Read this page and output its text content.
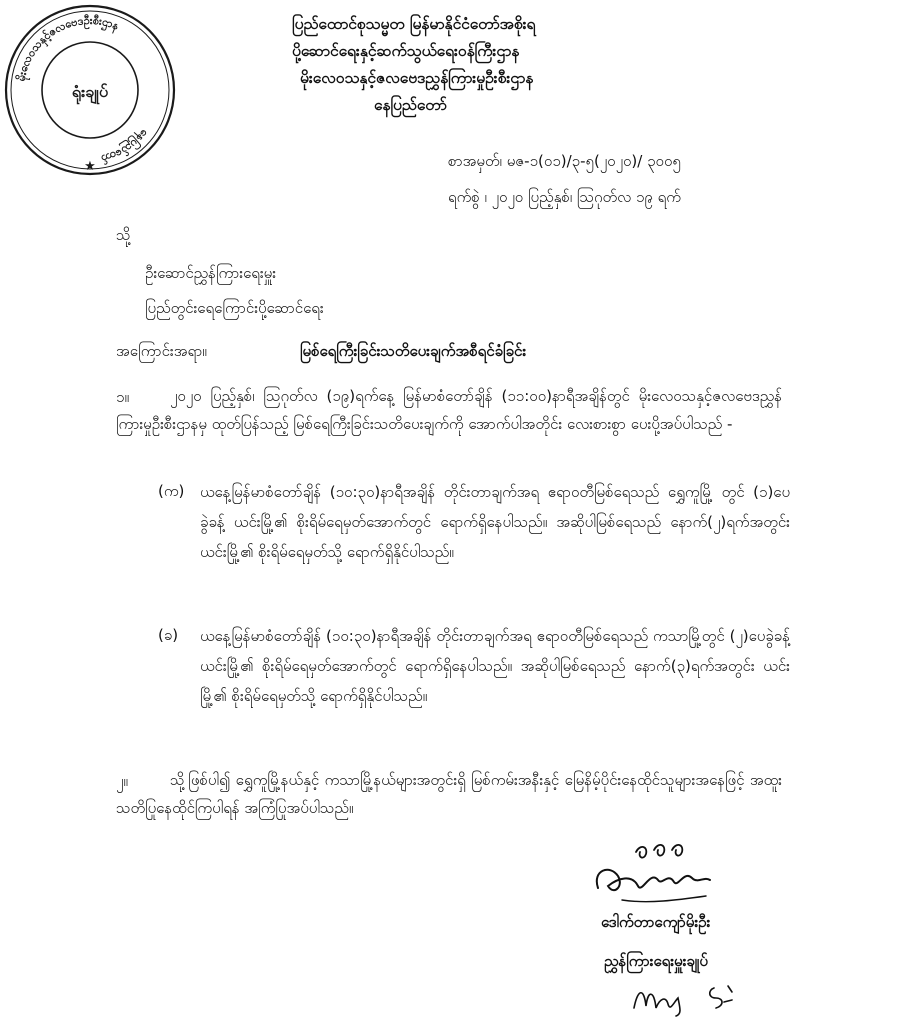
မိုးလေဝသနှင့်ဇလဗေဒဦးစီးဌာန
နေပြည်တော်
ရုံးချုပ်
★
ပြည်ထောင်စုသမ္မတ မြန်မာနိုင်ငံတော်အစိုးရ
ပို့ဆောင်ရေးနှင့်ဆက်သွယ်ရေးဝန်ကြီးဌာန
မိုးလေဝသနှင့်ဇလဗေဒညွှန်ကြားမှုဦးစီးဌာန
နေပြည်တော်
စာအမှတ်၊ မဇ-၁(၀၁)/၃-၅(၂၀၂၀)/ ၃၀၀၅
ရက်စွဲ ၊ ၂၀၂၀ ပြည့်နှစ်၊ ဩဂုတ်လ ၁၉ ရက်
သို့
ဦးဆောင်ညွှန်ကြားရေးမှူး
ပြည်တွင်းရေကြောင်းပို့ဆောင်ရေး
အကြောင်းအရာ။	မြစ်ရေကြီးခြင်းသတိပေးချက်အစီရင်ခံခြင်း
၁။	၂၀၂၀ ပြည့်နှစ်၊ ဩဂုတ်လ (၁၉)ရက်နေ့ မြန်မာစံတော်ချိန် (၁၁:၀၀)နာရီအချိန်တွင် မိုးလေဝသနှင့်ဇလဗေဒညွှန်ကြားမှုဦးစီးဌာနမှ ထုတ်ပြန်သည့် မြစ်ရေကြီးခြင်းသတိပေးချက်ကို အောက်ပါအတိုင်း လေးစားစွာ ပေးပို့အပ်ပါသည် -
(က) ယနေ့မြန်မာစံတော်ချိန် (၁၀:၃၀)နာရီအချိန် တိုင်းတာချက်အရ ဧရာဝတီမြစ်ရေသည် ရွှေကူမြို့ တွင် (၁)ပေခွဲခန့် ယင်းမြို့၏ စိုးရိမ်ရေမှတ်အောက်တွင် ရောက်ရှိနေပါသည်။ အဆိုပါမြစ်ရေသည် နောက်(၂)ရက်အတွင်း ယင်းမြို့၏ စိုးရိမ်ရေမှတ်သို့ ရောက်ရှိနိုင်ပါသည်။
(ခ) ယနေ့မြန်မာစံတော်ချိန် (၁၀:၃၀)နာရီအချိန် တိုင်းတာချက်အရ ဧရာဝတီမြစ်ရေသည် ကသာမြို့တွင် (၂)ပေခွဲခန့် ယင်းမြို့၏ စိုးရိမ်ရေမှတ်အောက်တွင် ရောက်ရှိနေပါသည်။ အဆိုပါမြစ်ရေသည် နောက်(၃)ရက်အတွင်း ယင်းမြို့၏ စိုးရိမ်ရေမှတ်သို့ ရောက်ရှိနိုင်ပါသည်။
၂။	သို့ဖြစ်ပါ၍ ရွှေကူမြို့နယ်နှင့် ကသာမြို့နယ်များအတွင်းရှိ မြစ်ကမ်းအနီးနှင့် မြေနိမ့်ပိုင်းနေထိုင်သူများအနေဖြင့် အထူးသတိပြုနေထိုင်ကြပါရန် အကြံပြုအပ်ပါသည်။
ဒေါက်တာကျော်မိုးဦး
ညွှန်ကြားရေးမှူးချုပ်
